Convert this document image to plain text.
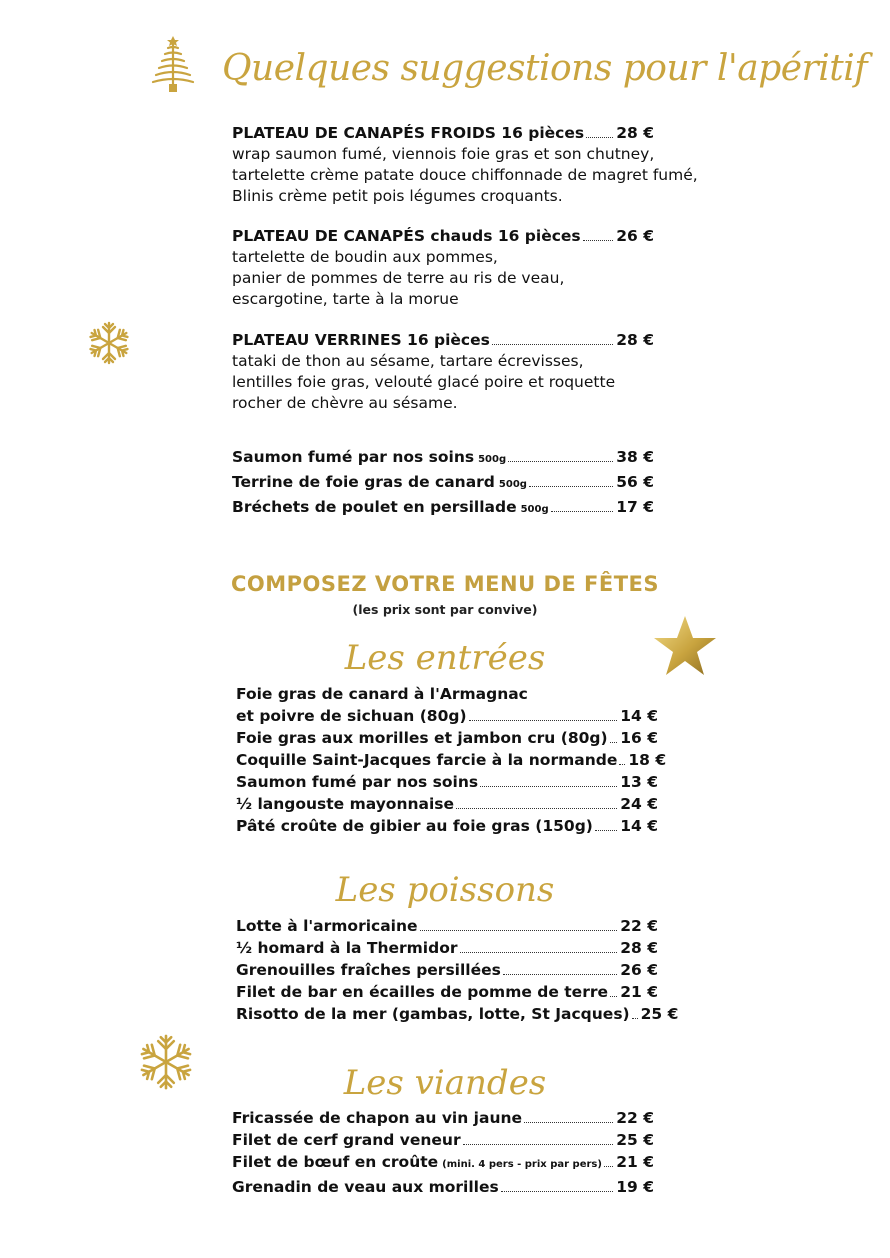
Quelques suggestions pour l'apéritif
PLATEAU DE CANAPÉS FROIDS 16 pièces 28 €
wrap saumon fumé, viennois foie gras et son chutney,
tartelette crème patate douce chiffonnade de magret fumé,
Blinis crème petit pois légumes croquants.
PLATEAU DE CANAPÉS chauds 16 pièces 26 €
tartelette de boudin aux pommes,
panier de pommes de terre au ris de veau,
escargotine, tarte à la morue
PLATEAU VERRINES 16 pièces	28 €
tataki de thon au sésame, tartare écrevisses,
lentilles foie gras, velouté glacé poire et roquette
rocher de chèvre au sésame.
Saumon fumé par nos soins 500g	38 €
Terrine de foie gras de canard 500g	56 €
Bréchets de poulet en persillade 500g	17 €
COMPOSEZ VOTRE MENU DE FÊTES
(les prix sont par convive)
Les entrées
Foie gras de canard à l'Armagnac
et poivre de sichuan (80g)	14 €
Foie gras aux morilles et jambon cru (80g) 16 €
Coquille Saint-Jacques farcie à la normande 18 €
Saumon fumé par nos soins	13 €
½ langouste mayonnaise	24 €
Pâté croûte de gibier au foie gras (150g) 14 €
Les poissons
Lotte à l'armoricaine	22 €
½ homard à la Thermidor	28 €
Grenouilles fraîches persillées	26 €
Filet de bar en écailles de pomme de terre 21 €
Risotto de la mer (gambas, lotte, St Jacques) 25 €
Les viandes
Fricassée de chapon au vin jaune	22 €
Filet de cerf grand veneur	25 €
Filet de bœuf en croûte (mini. 4 pers - prix par pers) 21 €
Grenadin de veau aux morilles	19 €
